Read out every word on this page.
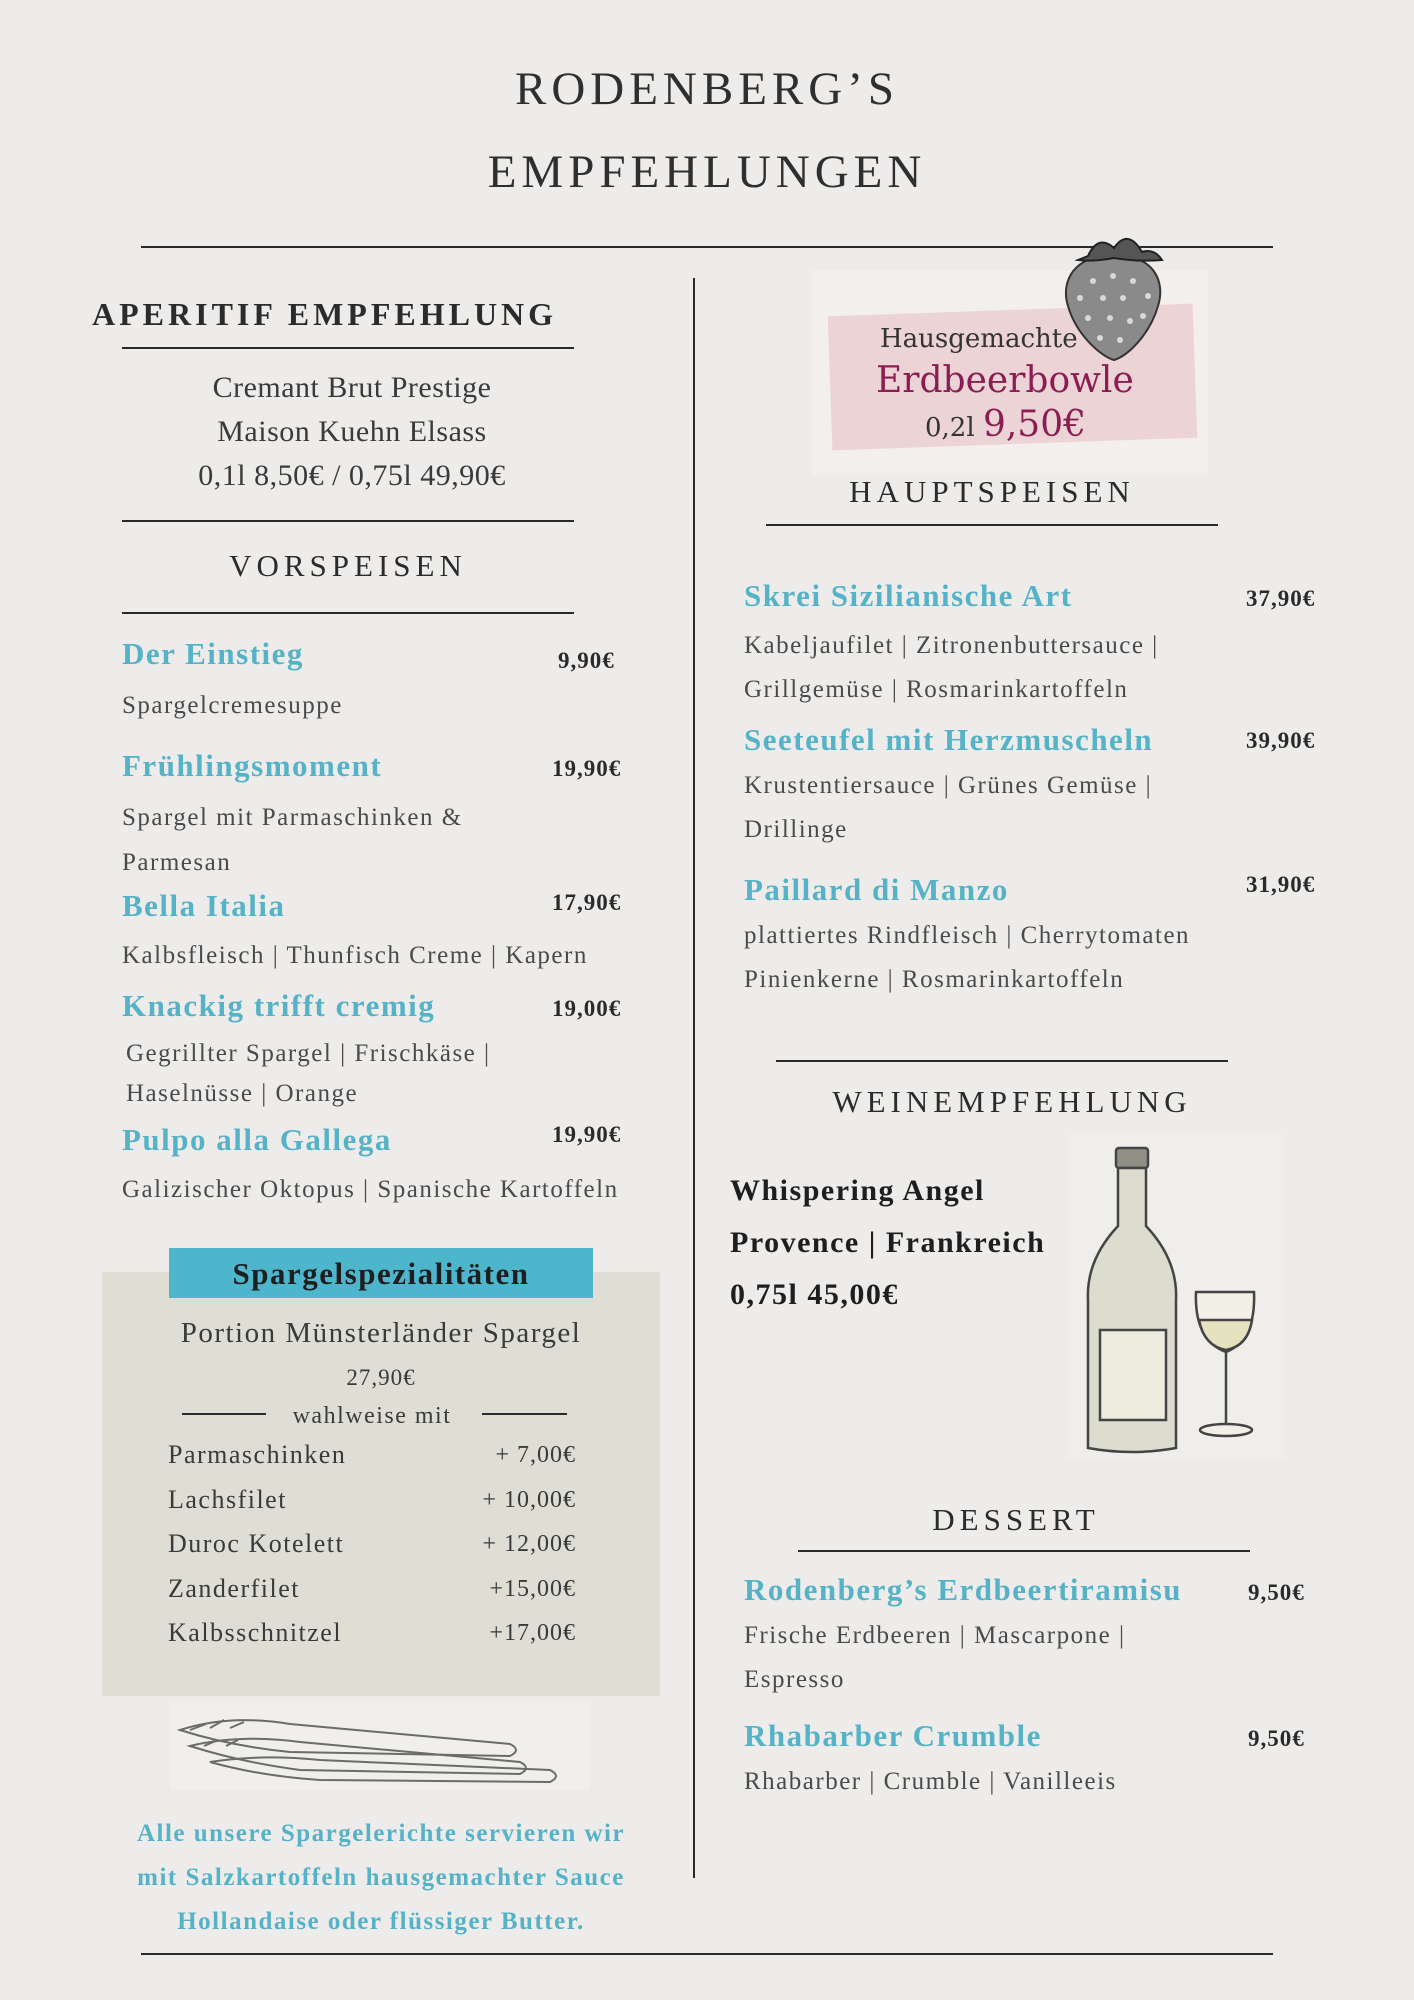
RODENBERG’S
EMPFEHLUNGEN
APERITIF EMPFEHLUNG
Cremant Brut Prestige
Maison Kuehn Elsass
0,1l 8,50€ / 0,75l 49,90€
VORSPEISEN
Der Einstieg	9,90€
Spargelcremesuppe
Frühlingsmoment	19,90€
Spargel mit Parmaschinken &
Parmesan
Bella Italia	17,90€
Kalbsfleisch | Thunfisch Creme | Kapern
Knackig trifft cremig	19,00€
Gegrillter Spargel | Frischkäse |
Haselnüsse | Orange
Pulpo alla Gallega	19,90€
Galizischer Oktopus | Spanische Kartoffeln
Spargelspezialitäten
Portion Münsterländer Spargel
27,90€
wahlweise mit
Parmaschinken	+ 7,00€
Lachsfilet	+ 10,00€
Duroc Kotelett	+ 12,00€
Zanderfilet	+15,00€
Kalbsschnitzel	+17,00€
Alle unsere Spargelerichte servieren wir
mit Salzkartoffeln hausgemachter Sauce
Hollandaise oder flüssiger Butter.
Hausgemachte
Erdbeerbowle
0,2l 9,50€
HAUPTSPEISEN
Skrei Sizilianische Art	37,90€
Kabeljaufilet | Zitronenbuttersauce |
Grillgemüse | Rosmarinkartoffeln
Seeteufel mit Herzmuscheln	39,90€
Krustentiersauce | Grünes Gemüse |
Drillinge
Paillard di Manzo	31,90€
plattiertes Rindfleisch | Cherrytomaten
Pinienkerne | Rosmarinkartoffeln
WEINEMPFEHLUNG
Whispering Angel
Provence | Frankreich
0,75l 45,00€
DESSERT
Rodenberg’s Erdbeertiramisu	9,50€
Frische Erdbeeren | Mascarpone |
Espresso
Rhabarber Crumble	9,50€
Rhabarber | Crumble | Vanilleeis
